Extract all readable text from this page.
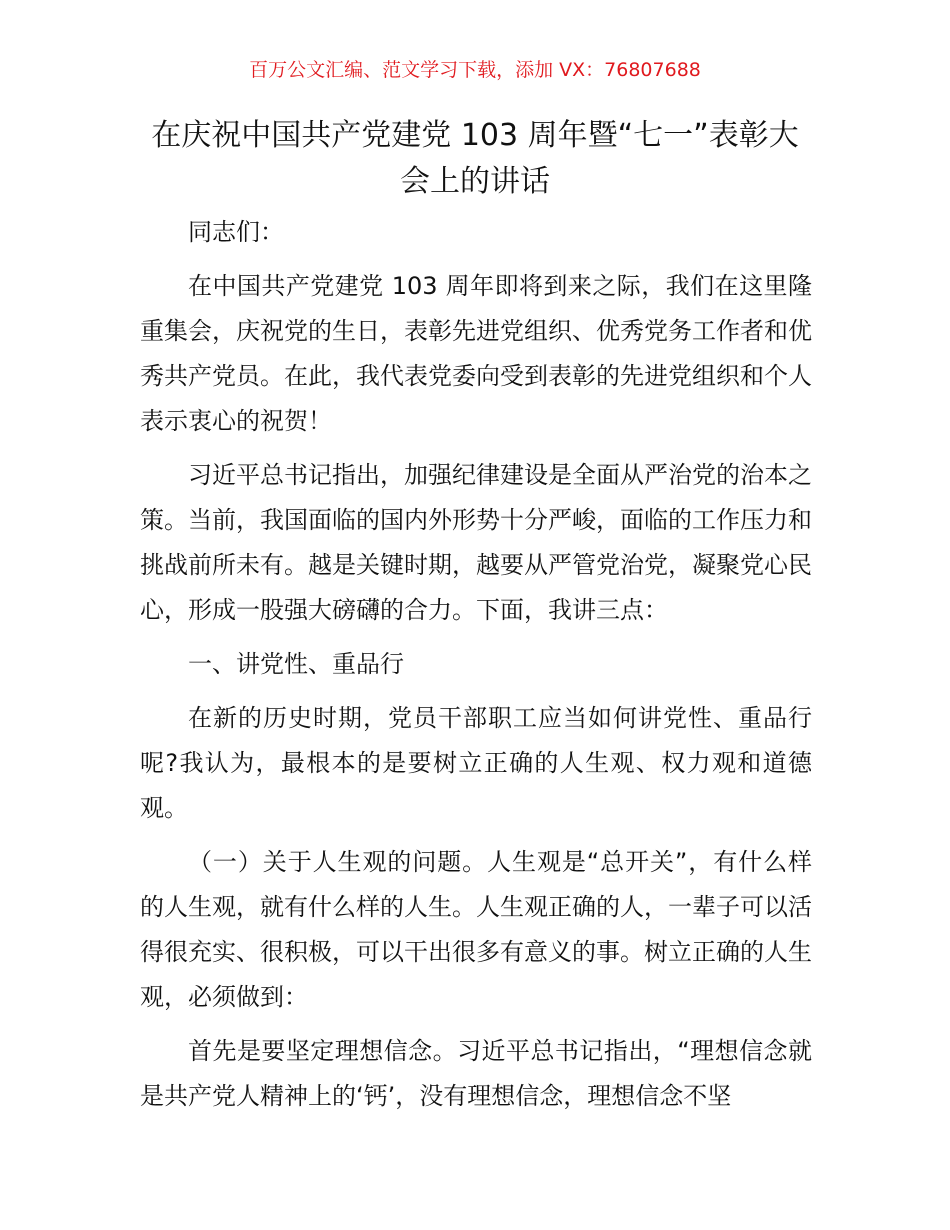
百万公文汇编、范文学习下载，添加 VX：76807688
在庆祝中国共产党建党 103 周年暨“七一”表彰大会上的讲话

同志们：

在中国共产党建党 103 周年即将到来之际，我们在这里隆重集会，庆祝党的生日，表彰先进党组织、优秀党务工作者和优秀共产党员。在此，我代表党委向受到表彰的先进党组织和个人表示衷心的祝贺！

习近平总书记指出，加强纪律建设是全面从严治党的治本之策。当前，我国面临的国内外形势十分严峻，面临的工作压力和挑战前所未有。越是关键时期，越要从严管党治党，凝聚党心民心，形成一股强大磅礴的合力。下面，我讲三点：

一、讲党性、重品行

在新的历史时期，党员干部职工应当如何讲党性、重品行呢?我认为，最根本的是要树立正确的人生观、权力观和道德观。

（一）关于人生观的问题。人生观是“总开关”，有什么样的人生观，就有什么样的人生。人生观正确的人，一辈子可以活得很充实、很积极，可以干出很多有意义的事。树立正确的人生观，必须做到：

首先是要坚定理想信念。习近平总书记指出，“理想信念就是共产党人精神上的‘钙’，没有理想信念，理想信念不坚
